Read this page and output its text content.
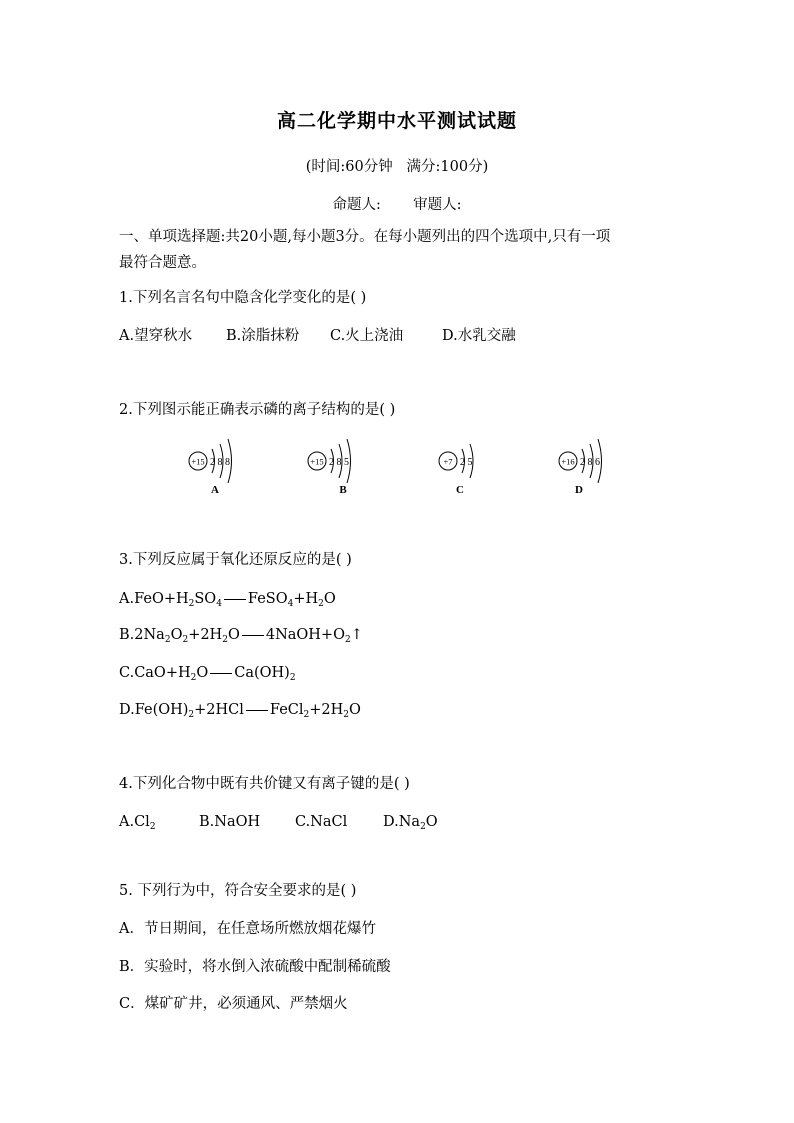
高二化学期中水平测试试题
(时间:60分钟   满分:100分)
命题人:       审题人:
一、单项选择题:共20小题,每小题3分。在每小题列出的四个选项中,只有一项
最符合题意。
1.下列名言名句中隐含化学变化的是( )
A.望穿秋水 B.涂脂抹粉 C.火上浇油	D.水乳交融
2.下列图示能正确表示磷的离子结构的是( )
+15 2 8 8
A
+15 2 8 5
B
+7 2 5
C
+16 2 8 6
D
3.下列反应属于氧化还原反应的是( )
$A.FeO+H_2SO_4$ $FeSO_4+H_2O$
$B.2Na_2O_2+2H_2O$ $4NaOH+O_2↑$
$C.CaO+H_2O$ $Ca(OH)_2$
$D.Fe(OH)_2+2HCl$ $FeCl_2+2H_2O$
4.下列化合物中既有共价键又有离子键的是( )
$A.Cl_2$	B.NaOH C.NaCl $D.Na_2O$
5. 下列行为中，符合安全要求的是( )
A．节日期间，在任意场所燃放烟花爆竹
B．实验时，将水倒入浓硫酸中配制稀硫酸
C．煤矿矿井，必须通风、严禁烟火
